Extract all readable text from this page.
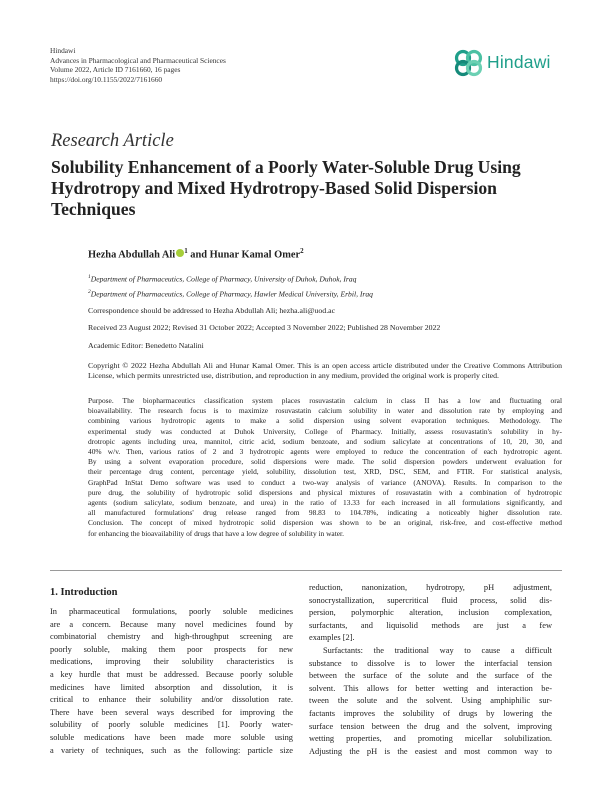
Hindawi
Advances in Pharmacological and Pharmaceutical Sciences
Volume 2022, Article ID 7161660, 16 pages
https://doi.org/10.1155/2022/7161660
Hindawi
Research Article
Solubility Enhancement of a Poorly Water-Soluble Drug Using
Hydrotropy and Mixed Hydrotropy-Based Solid Dispersion
Techniques
Hezha Abdullah Ali $^1$ and Hunar Kamal Omer$^2$
$^1$Department of Pharmaceutics, College of Pharmacy, University of Duhok, Duhok, Iraq
$^2$Department of Pharmaceutics, College of Pharmacy, Hawler Medical University, Erbil, Iraq
Correspondence should be addressed to Hezha Abdullah Ali; hezha.ali@uod.ac
Received 23 August 2022; Revised 31 October 2022; Accepted 3 November 2022; Published 28 November 2022
Academic Editor: Benedetto Natalini
Copyright © 2022 Hezha Abdullah Ali and Hunar Kamal Omer. This is an open access article distributed under the Creative Commons Attribution License, which permits unrestricted use, distribution, and reproduction in any medium, provided the original work is properly cited.
Purpose. The biopharmaceutics classification system places rosuvastatin calcium in class II has a low and fluctuating oral
bioavailability. The research focus is to maximize rosuvastatin calcium solubility in water and dissolution rate by employing and
combining various hydrotropic agents to make a solid dispersion using solvent evaporation techniques. Methodology. The
experimental study was conducted at Duhok University, College of Pharmacy. Initially, assess rosuvastatin's solubility in hy-
drotropic agents including urea, mannitol, citric acid, sodium benzoate, and sodium salicylate at concentrations of 10, 20, 30, and
40% w/v. Then, various ratios of 2 and 3 hydrotropic agents were employed to reduce the concentration of each hydrotropic agent.
By using a solvent evaporation procedure, solid dispersions were made. The solid dispersion powders underwent evaluation for
their percentage drug content, percentage yield, solubility, dissolution test, XRD, DSC, SEM, and FTIR. For statistical analysis,
GraphPad InStat Demo software was used to conduct a two-way analysis of variance (ANOVA). Results. In comparison to the
pure drug, the solubility of hydrotropic solid dispersions and physical mixtures of rosuvastatin with a combination of hydrotropic
agents (sodium salicylate, sodium benzoate, and urea) in the ratio of 13.33 for each increased in all formulations significantly, and
all manufactured formulations' drug release ranged from 98.83 to 104.78%, indicating a noticeably higher dissolution rate.
Conclusion. The concept of mixed hydrotropic solid dispersion was shown to be an original, risk-free, and cost-effective method
for enhancing the bioavailability of drugs that have a low degree of solubility in water.
1. Introduction
In pharmaceutical formulations, poorly soluble medicines
are a concern. Because many novel medicines found by
combinatorial chemistry and high-throughput screening are
poorly soluble, making them poor prospects for new
medications, improving their solubility characteristics is
a key hurdle that must be addressed. Because poorly soluble
medicines have limited absorption and dissolution, it is
critical to enhance their solubility and/or dissolution rate.
There have been several ways described for improving the
solubility of poorly soluble medicines [1]. Poorly water-
soluble medications have been made more soluble using
a variety of techniques, such as the following: particle size
reduction, nanonization, hydrotropy, pH adjustment,
sonocrystallization, supercritical fluid process, solid dis-
persion, polymorphic alteration, inclusion complexation,
surfactants, and liquisolid methods are just a few
examples [2].
Surfactants: the traditional way to cause a difficult
substance to dissolve is to lower the interfacial tension
between the surface of the solute and the surface of the
solvent. This allows for better wetting and interaction be-
tween the solute and the solvent. Using amphiphilic sur-
factants improves the solubility of drugs by lowering the
surface tension between the drug and the solvent, improving
wetting properties, and promoting micellar solubilization.
Adjusting the pH is the easiest and most common way to
